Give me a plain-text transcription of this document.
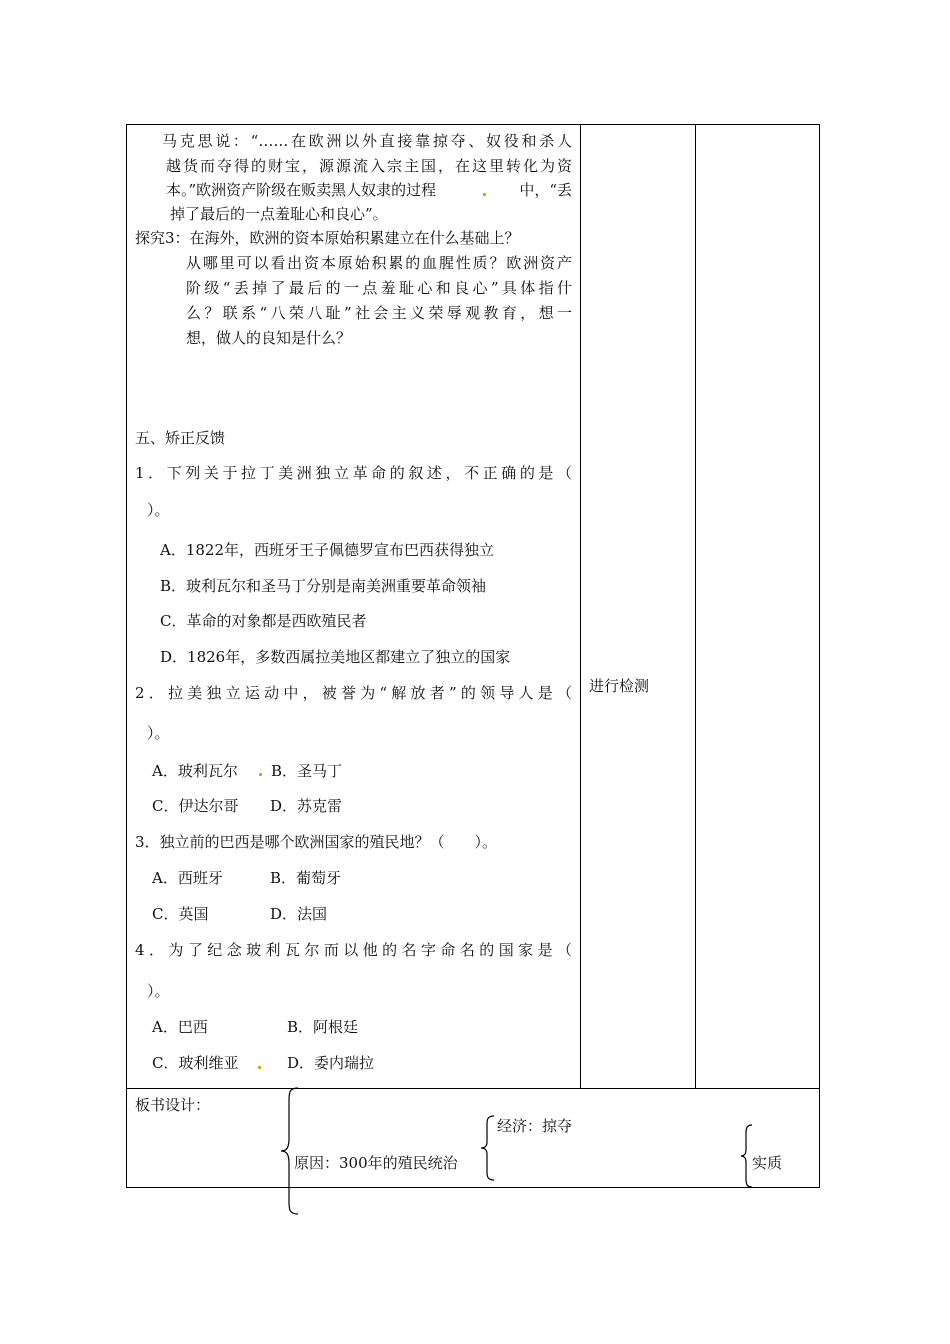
马克思说：“……在欧洲以外直接靠掠夺、奴役和杀人
越货而夺得的财宝，源源流入宗主国，在这里转化为资
本。”欧洲资产阶级在贩卖黑人奴隶的过程	中，“丢
掉了最后的一点羞耻心和良心”。
探究3：在海外，欧洲的资本原始积累建立在什么基础上？
从哪里可以看出资本原始积累的血腥性质？欧洲资产
阶级“丢掉了最后的一点羞耻心和良心”具体指什
么？联系“八荣八耻”社会主义荣辱观教育，想一
想，做人的良知是什么？
五、矫正反馈
1．下列关于拉丁美洲独立革命的叙述，不正确的是（
）。
A．1822年，西班牙王子佩德罗宣布巴西获得独立
B．玻利瓦尔和圣马丁分别是南美洲重要革命领袖
C．革命的对象都是西欧殖民者
D．1826年，多数西属拉美地区都建立了独立的国家
2．拉美独立运动中，被誉为“解放者”的领导人是（
）。
A．玻利瓦尔 B．圣马丁
C．伊达尔哥 D．苏克雷
3．独立前的巴西是哪个欧洲国家的殖民地？（　　）。
A．西班牙	B．葡萄牙
C．英国	D．法国
4．为了纪念玻利瓦尔而以他的名字命名的国家是（
）。
A．巴西	B．阿根廷
C．玻利维亚	D．委内瑞拉
进行检测
板书设计：
原因：300年的殖民统治
经济：掠夺
实质
